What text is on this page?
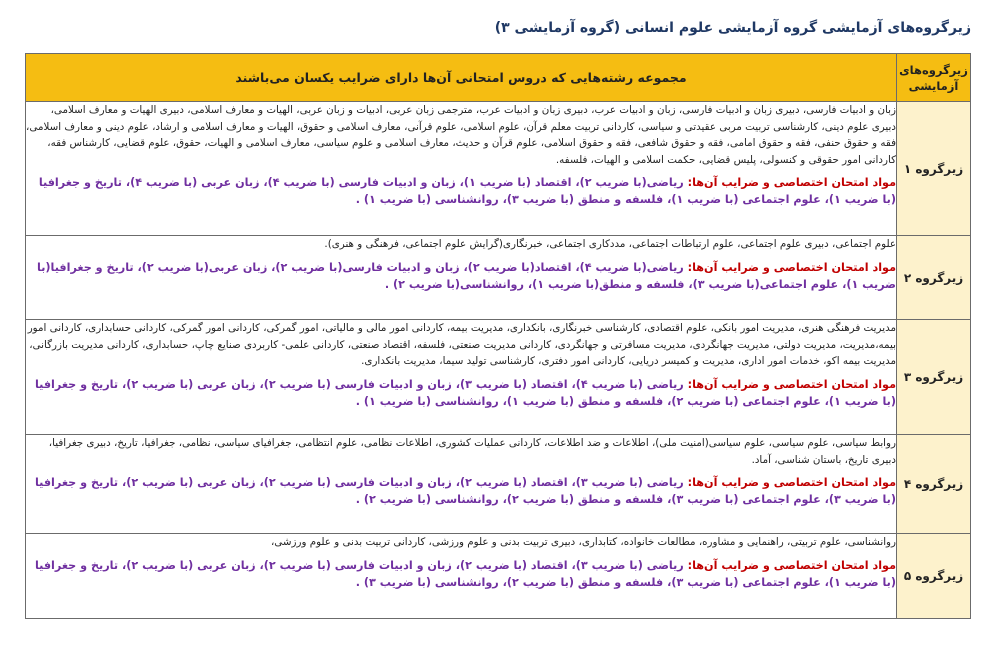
زیرگروه‌های آزمایشی گروه آزمایشی علوم انسانی (گروه آزمایشی ۳)
زیرگروه‌های آزمایشی	مجموعه رشته‌هایی که دروس امتحانی آن‌ها دارای ضرایب یکسان می‌باشند
زیرگروه ۱	زبان و ادبیات فارسی، دبیری زبان و ادبیات فارسی، زبان و ادبیات عرب، دبیری زبان و ادبیات عرب، مترجمی زبان عربی، ادبیات و زبان عربی، الهیات و معارف اسلامی، دبیری الهیات و معارف اسلامی، دبیری علوم دینی، کارشناسی تربیت مربی عقیدتی و سیاسی، کاردانی تربیت معلم قرآن، علوم اسلامی، علوم قرآنی، معارف اسلامی و حقوق، الهیات و معارف اسلامی و ارشاد، علوم دینی و معارف اسلامی، فقه و حقوق حنفی، فقه و حقوق امامی، فقه و حقوق شافعی، فقه و حقوق اسلامی، علوم قرآن و حدیث، معارف اسلامی و علوم سیاسی، معارف اسلامی و الهیات، حقوق، علوم قضایی، کارشناس فقه، کاردانی امور حقوقی و کنسولی، پلیس قضایی، حکمت اسلامی و الهیات، فلسفه.
مواد امتحان اختصاصی و ضرایب آن‌ها: ریاضی(با ضریب ۲)، اقتصاد (با ضریب ۱)، زبان و ادبیات فارسی (با ضریب ۴)، زبان عربی (با ضریب ۴)، تاریخ و جغرافیا (با ضریب ۱)، علوم اجتماعی (با ضریب ۱)، فلسفه و منطق (با ضریب ۳)، روانشناسی (با ضریب ۱) .

زیرگروه ۲	علوم اجتماعی، دبیری علوم اجتماعی، علوم ارتباطات اجتماعی، مددکاری اجتماعی، خبرنگاری(گرایش علوم اجتماعی، فرهنگی و هنری).
مواد امتحان اختصاصی و ضرایب آن‌ها: ریاضی(با ضریب ۴)، اقتصاد(با ضریب ۲)، زبان و ادبیات فارسی(با ضریب ۲)، زبان عربی(با ضریب ۲)، تاریخ و جغرافیا(با ضریب ۱)، علوم اجتماعی(با ضریب ۳)، فلسفه و منطق(با ضریب ۱)، روانشناسی(با ضریب ۲) .

زیرگروه ۳	مدیریت فرهنگی هنری، مدیریت امور بانکی، علوم اقتصادی، کارشناسی خبرنگاری، بانکداری، مدیریت بیمه، کاردانی امور مالی و مالیاتی، امور گمرکی، کاردانی امور گمرکی، کاردانی حسابداری، کاردانی امور بیمه،مدیریت، مدیریت دولتی، مدیریت جهانگردی، مدیریت مسافرتی و جهانگردی، کاردانی مدیریت صنعتی، فلسفه، اقتصاد صنعتی، کاردانی علمی- کاربردی صنایع چاپ، حسابداری، کاردانی مدیریت بازرگانی، مدیریت بیمه اکو، خدمات امور اداری، مدیریت و کمیسر دریایی، کاردانی امور دفتری، کارشناسی تولید سیما، مدیریت بانکداری.
مواد امتحان اختصاصی و ضرایب آن‌ها: ریاضی (با ضریب ۴)، اقتصاد (با ضریب ۳)، زبان و ادبیات فارسی (با ضریب ۲)، زبان عربی (با ضریب ۲)، تاریخ و جغرافیا (با ضریب ۱)، علوم اجتماعی (با ضریب ۲)، فلسفه و منطق (با ضریب ۱)، روانشناسی (با ضریب ۱) .

زیرگروه ۴	روابط سیاسی، علوم سیاسی، علوم سیاسی(امنیت ملی)، اطلاعات و ضد اطلاعات، کاردانی عملیات کشوری، اطلاعات نظامی، علوم انتظامی، جغرافیای سیاسی، نظامی، جغرافیا، تاریخ، دبیری جغرافیا، دبیری تاریخ، باستان شناسی، آماد.
مواد امتحان اختصاصی و ضرایب آن‌ها: ریاضی (با ضریب ۳)، اقتصاد (با ضریب ۲)، زبان و ادبیات فارسی (با ضریب ۲)، زبان عربی (با ضریب ۲)، تاریخ و جغرافیا (با ضریب ۳)، علوم اجتماعی (با ضریب ۳)، فلسفه و منطق (با ضریب ۲)، روانشناسی (با ضریب ۲) .

زیرگروه ۵	روانشناسی، علوم تربیتی، راهنمایی و مشاوره، مطالعات خانواده، کتابداری، دبیری تربیت بدنی و علوم ورزشی، کاردانی تربیت بدنی و علوم ورزشی،
مواد امتحان اختصاصی و ضرایب آن‌ها: ریاضی (با ضریب ۳)، اقتصاد (با ضریب ۲)، زبان و ادبیات فارسی (با ضریب ۲)، زبان عربی (با ضریب ۲)، تاریخ و جغرافیا (با ضریب ۱)، علوم اجتماعی (با ضریب ۳)، فلسفه و منطق (با ضریب ۲)، روانشناسی (با ضریب ۳) .
